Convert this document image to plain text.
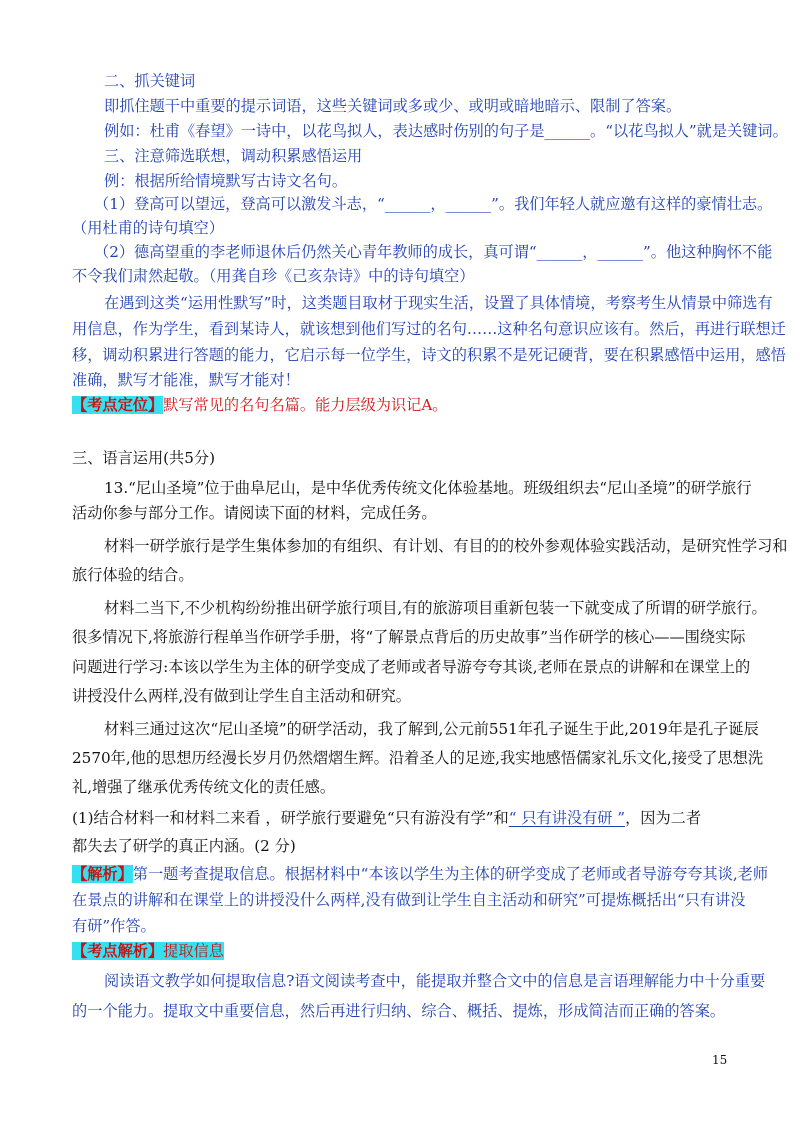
二、抓关键词
即抓住题干中重要的提示词语，这些关键词或多或少、或明或暗地暗示、限制了答案。
例如：杜甫《春望》一诗中，以花鸟拟人，表达感时伤别的句子是______。“以花鸟拟人”就是关键词。
三、注意筛选联想，调动积累感悟运用
例：根据所给情境默写古诗文名句。
（1）登高可以望远，登高可以激发斗志，“______，______”。我们年轻人就应邀有这样的豪情壮志。
（用杜甫的诗句填空）
（2）德高望重的李老师退休后仍然关心青年教师的成长，真可谓“______，______”。他这种胸怀不能
不令我们肃然起敬。（用龚自珍《己亥杂诗》中的诗句填空）
在遇到这类“运用性默写”时，这类题目取材于现实生活，设置了具体情境，考察考生从情景中筛选有
用信息，作为学生，看到某诗人，就该想到他们写过的名句……这种名句意识应该有。然后，再进行联想迁
移，调动积累进行答题的能力，它启示每一位学生，诗文的积累不是死记硬背，要在积累感悟中运用，感悟
准确，默写才能准，默写才能对！
【考点定位】默写常见的名句名篇。能力层级为识记A。
三、语言运用(共5分)
13.“尼山圣境”位于曲阜尼山，是中华优秀传统文化体验基地。班级组织去“尼山圣境”的研学旅行
活动你参与部分工作。请阅读下面的材料，完成任务。
材料一研学旅行是学生集体参加的有组织、有计划、有目的的校外参观体验实践活动，是研究性学习和
旅行体验的结合。
材料二当下,不少机构纷纷推出研学旅行项目,有的旅游项目重新包装一下就变成了所谓的研学旅行。
很多情况下,将旅游行程单当作研学手册，将“了解景点背后的历史故事”当作研学的核心——围绕实际
问题进行学习:本该以学生为主体的研学变成了老师或者导游夸夸其谈,老师在景点的讲解和在课堂上的
讲授没什么两样,没有做到让学生自主活动和研究。
材料三通过这次“尼山圣境”的研学活动，我了解到,公元前551年孔子诞生于此,2019年是孔子诞辰
2570年,他的思想历经漫长岁月仍然熠熠生辉。沿着圣人的足迹,我实地感悟儒家礼乐文化,接受了思想洗
礼,增强了继承优秀传统文化的责任感。
(1)结合材料一和材料二来看 ，研学旅行要避免“只有游没有学”和“ 只有讲没有研 ”，因为二者
都失去了研学的真正内涵。(2 分)
【解析】第一题考查提取信息。根据材料中“本该以学生为主体的研学变成了老师或者导游夸夸其谈,老师
在景点的讲解和在课堂上的讲授没什么两样,没有做到让学生自主活动和研究”可提炼概括出“只有讲没
有研”作答。
【考点解析】提取信息
阅读语文教学如何提取信息?语文阅读考查中，能提取并整合文中的信息是言语理解能力中十分重要
的一个能力。提取文中重要信息，然后再进行归纳、综合、概括、提炼，形成简洁而正确的答案。
15
